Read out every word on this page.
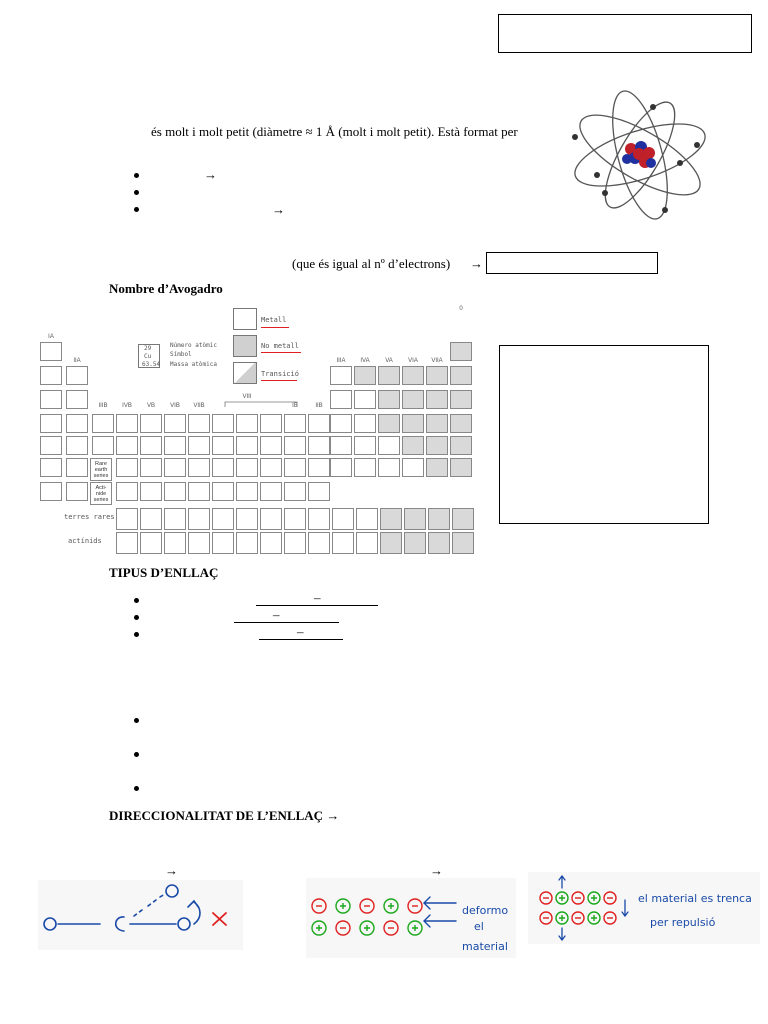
és molt i molt petit (diàmetre ≈ 1 Å (molt i molt petit). Està format per
→
→
(que és igual al nº d’electrons) →
Nombre d’Avogadro
29
Cu
63.54
Número atòmic
Símbol
Massa atòmica
Metall
No metall
Transició
IA
IIA
IIIB	IVB	VB	VIB	VIIB
VIII
IB	IIB
IIIA	IVA	VA	VIA	VIIA
0
Rare earth series
Acti- nide series
terres rares
actínids
TIPUS D’ENLLAÇ
–
–
–
DIRECCIONALITAT DE L’ENLLAÇ →
→	→
deformo
el
material
el material es trenca
per repulsió
